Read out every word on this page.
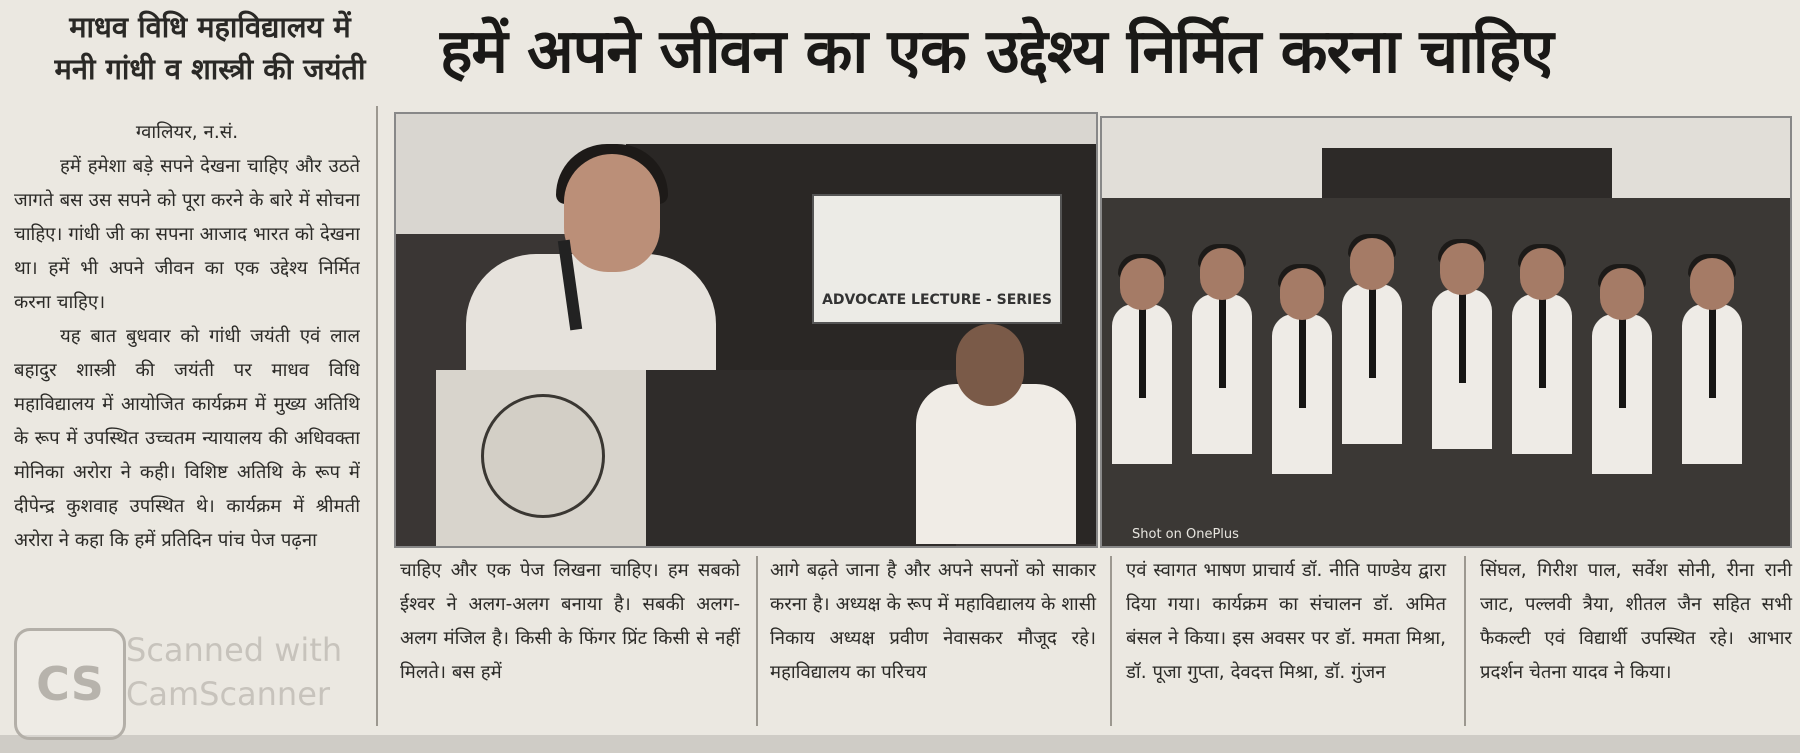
माधव विधि महाविद्यालय में
मनी गांधी व शास्त्री की जयंती	हमें अपने जीवन का एक उद्देश्य निर्मित करना चाहिए

ग्वालियर, न.सं.

हमें हमेशा बड़े सपने देखना चाहिए और उठते जागते बस उस सपने को पूरा करने के बारे में सोचना चाहिए। गांधी जी का सपना आजाद भारत को देखना था। हमें भी अपने जीवन का एक उद्देश्य निर्मित करना चाहिए।

यह बात बुधवार को गांधी जयंती एवं लाल बहादुर शास्त्री की जयंती पर माधव विधि महाविद्यालय में आयोजित कार्यक्रम में मुख्य अतिथि के रूप में उपस्थित उच्चतम न्यायालय की अधिवक्ता मोनिका अरोरा ने कही। विशिष्ट अतिथि के रूप में दीपेन्द्र कुशवाह उपस्थित थे। कार्यक्रम में श्रीमती अरोरा ने कहा कि हमें प्रतिदिन पांच पेज पढ़ना

ADVOCATE LECTURE - SERIES
Shot on OnePlus
चाहिए और एक पेज लिखना चाहिए। हम सबको ईश्वर ने अलग-अलग बनाया है। सबकी अलग-अलग मंजिल है। किसी के फिंगर प्रिंट किसी से नहीं मिलते। बस हमें
आगे बढ़ते जाना है और अपने सपनों को साकार करना है। अध्यक्ष के रूप में महाविद्यालय के शासी निकाय अध्यक्ष प्रवीण नेवासकर मौजूद रहे। महाविद्यालय का परिचय
एवं स्वागत भाषण प्राचार्य डॉ. नीति पाण्डेय द्वारा दिया गया। कार्यक्रम का संचालन डॉ. अमित बंसल ने किया। इस अवसर पर डॉ. ममता मिश्रा, डॉ. पूजा गुप्ता, देवदत्त मिश्रा, डॉ. गुंजन
सिंघल, गिरीश पाल, सर्वेश सोनी, रीना रानी जाट, पल्लवी त्रैया, शीतल जैन सहित सभी फैकल्टी एवं विद्यार्थी उपस्थित रहे। आभार प्रदर्शन चेतना यादव ने किया।
CS
Scanned with
CamScanner
